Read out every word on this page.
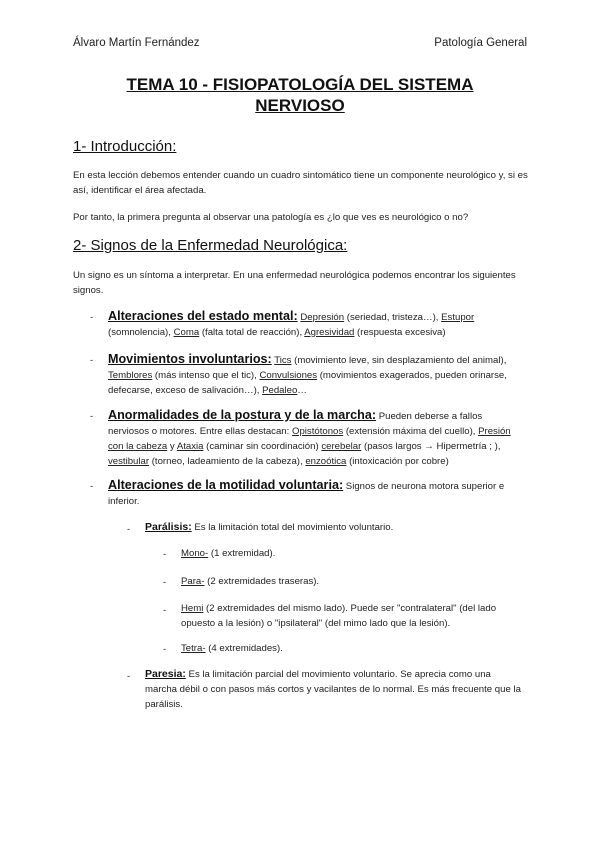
Álvaro Martín Fernández	Patología General
TEMA 10 - FISIOPATOLOGÍA DEL SISTEMA
NERVIOSO
1- Introducción:
En esta lección debemos entender cuando un cuadro sintomático tiene un componente neurológico y, si es así, identificar el área afectada.
Por tanto, la primera pregunta al observar una patología es ¿lo que ves es neurológico o no?
2- Signos de la Enfermedad Neurológica:
Un signo es un síntoma a interpretar. En una enfermedad neurológica podemos encontrar los siguientes signos.
- Alteraciones del estado mental: Depresión (seriedad, tristeza…), Estupor (somnolencia), Coma (falta total de reacción), Agresividad (respuesta excesiva)
- Movimientos involuntarios: Tics (movimiento leve, sin desplazamiento del animal), Temblores (más intenso que el tic), Convulsiones (movimientos exagerados, pueden orinarse, defecarse, exceso de salivación…), Pedaleo…
- Anormalidades de la postura y de la marcha: Pueden deberse a fallos nerviosos o motores. Entre ellas destacan: Opistótonos (extensión máxima del cuello), Presión con la cabeza y Ataxia (caminar sin coordinación) cerebelar (pasos largos → Hipermetría ; ), vestibular (torneo, ladeamiento de la cabeza), enzoótica (intoxicación por cobre)
- Alteraciones de la motilidad voluntaria: Signos de neurona motora superior e inferior.
- Parálisis: Es la limitación total del movimiento voluntario.
- Mono- (1 extremidad).
- Para- (2 extremidades traseras).
- Hemi (2 extremidades del mismo lado). Puede ser "contralateral" (del lado opuesto a la lesión) o "ipsilateral" (del mimo lado que la lesión).
- Tetra- (4 extremidades).
- Paresia: Es la limitación parcial del movimiento voluntario. Se aprecia como una marcha débil o con pasos más cortos y vacilantes de lo normal. Es más frecuente que la parálisis.
